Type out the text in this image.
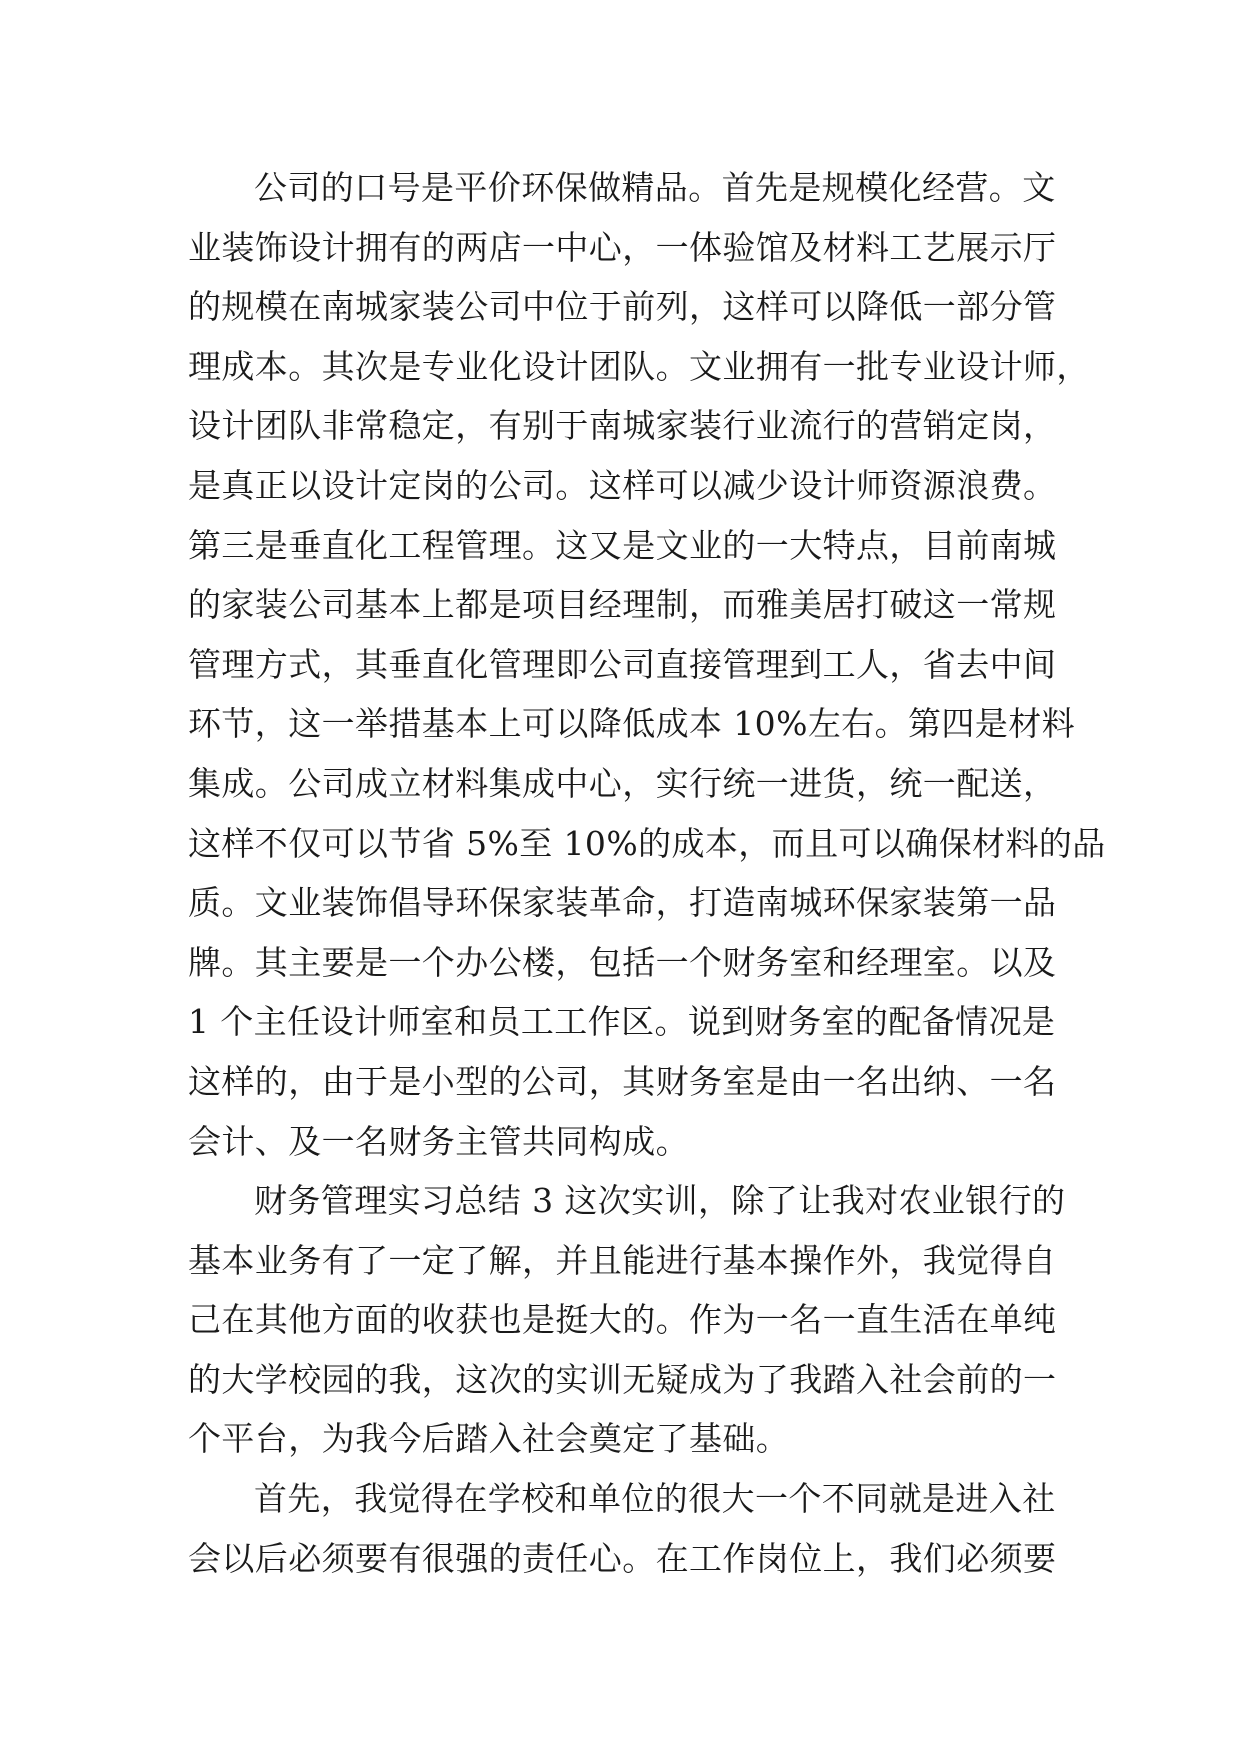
公司的口号是平价环保做精品。首先是规模化经营。文
业装饰设计拥有的两店一中心，一体验馆及材料工艺展示厅
的规模在南城家装公司中位于前列，这样可以降低一部分管
理成本。其次是专业化设计团队。文业拥有一批专业设计师，
设计团队非常稳定，有别于南城家装行业流行的营销定岗，
是真正以设计定岗的公司。这样可以减少设计师资源浪费。
第三是垂直化工程管理。这又是文业的一大特点，目前南城
的家装公司基本上都是项目经理制，而雅美居打破这一常规
管理方式，其垂直化管理即公司直接管理到工人，省去中间
环节，这一举措基本上可以降低成本 10%左右。第四是材料
集成。公司成立材料集成中心，实行统一进货，统一配送，
这样不仅可以节省 5%至 10%的成本，而且可以确保材料的品
质。文业装饰倡导环保家装革命，打造南城环保家装第一品
牌。其主要是一个办公楼，包括一个财务室和经理室。以及
1 个主任设计师室和员工工作区。说到财务室的配备情况是
这样的，由于是小型的公司，其财务室是由一名出纳、一名
会计、及一名财务主管共同构成。
财务管理实习总结 3 这次实训，除了让我对农业银行的
基本业务有了一定了解，并且能进行基本操作外，我觉得自
己在其他方面的收获也是挺大的。作为一名一直生活在单纯
的大学校园的我，这次的实训无疑成为了我踏入社会前的一
个平台，为我今后踏入社会奠定了基础。
首先，我觉得在学校和单位的很大一个不同就是进入社
会以后必须要有很强的责任心。在工作岗位上，我们必须要
